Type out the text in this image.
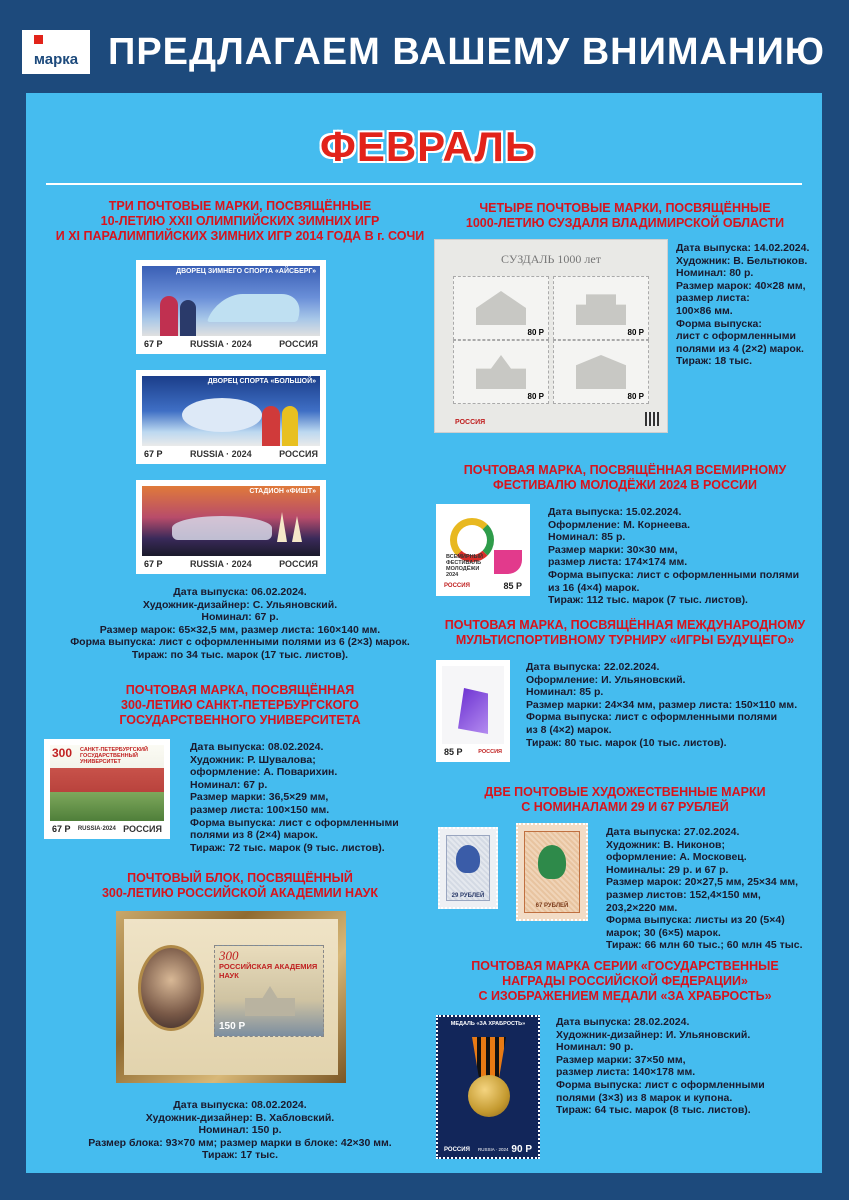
марка ПРЕДЛАГАЕМ ВАШЕМУ ВНИМАНИЮ
ФЕВРАЛЬ
ТРИ ПОЧТОВЫЕ МАРКИ, ПОСВЯЩЁННЫЕ
10-ЛЕТИЮ XXII ОЛИМПИЙСКИХ ЗИМНИХ ИГР
И XI ПАРАЛИМПИЙСКИХ ЗИМНИХ ИГР 2014 ГОДА В г. СОЧИ
ДВОРЕЦ ЗИМНЕГО СПОРТА «АЙСБЕРГ»
67 Р	RUSSIA · 2024	РОССИЯ
ДВОРЕЦ СПОРТА «БОЛЬШОЙ»
67 Р	RUSSIA · 2024	РОССИЯ
СТАДИОН «ФИШТ»
67 Р	RUSSIA · 2024	РОССИЯ
Дата выпуска: 06.02.2024.
Художник-дизайнер: С. Ульяновский.
Номинал: 67 р.
Размер марок: 65×32,5 мм, размер листа: 160×140 мм.
Форма выпуска: лист с оформленными полями из 6 (2×3) марок.
Тираж: по 34 тыс. марок (17 тыс. листов).
ПОЧТОВАЯ МАРКА, ПОСВЯЩЁННАЯ
300-ЛЕТИЮ САНКТ-ПЕТЕРБУРГСКОГО
ГОСУДАРСТВЕННОГО УНИВЕРСИТЕТА
300 САНКТ-ПЕТЕРБУРГСКИЙ ГОСУДАРСТВЕННЫЙ УНИВЕРСИТЕТ
67 Р RUSSIA·2024 РОССИЯ
Дата выпуска: 08.02.2024.
Художник: Р. Шувалова;
оформление: А. Поварихин.
Номинал: 67 р.
Размер марки: 36,5×29 мм,
размер листа: 100×150 мм.
Форма выпуска: лист с оформленными
полями из 8 (2×4) марок.
Тираж: 72 тыс. марок (9 тыс. листов).
ПОЧТОВЫЙ БЛОК, ПОСВЯЩЁННЫЙ
300-ЛЕТИЮ РОССИЙСКОЙ АКАДЕМИИ НАУК
300
РОССИЙСКАЯ АКАДЕМИЯ НАУК
150 Р
Дата выпуска: 08.02.2024.
Художник-дизайнер: В. Хабловский.
Номинал: 150 р.
Размер блока: 93×70 мм; размер марки в блоке: 42×30 мм.
Тираж: 17 тыс.
ЧЕТЫРЕ ПОЧТОВЫЕ МАРКИ, ПОСВЯЩЁННЫЕ
1000-ЛЕТИЮ СУЗДАЛЯ ВЛАДИМИРСКОЙ ОБЛАСТИ
СУЗДАЛЬ 1000 лет
80 Р	80 Р
80 Р	80 Р
РОССИЯ
Дата выпуска: 14.02.2024.
Художник: В. Бельтюков.
Номинал: 80 р.
Размер марок: 40×28 мм,
размер листа:
100×86 мм.
Форма выпуска:
лист с оформленными
полями из 4 (2×2) марок.
Тираж: 18 тыс.
ПОЧТОВАЯ МАРКА, ПОСВЯЩЁННАЯ ВСЕМИРНОМУ
ФЕСТИВАЛЮ МОЛОДЁЖИ 2024 В РОССИИ
ВСЕМИРНЫЙ ФЕСТИВАЛЬ МОЛОДЁЖИ 2024
РОССИЯ	85 Р
Дата выпуска: 15.02.2024.
Оформление: М. Корнеева.
Номинал: 85 р.
Размер марки: 30×30 мм,
размер листа: 174×174 мм.
Форма выпуска: лист с оформленными полями
из 16 (4×4) марок.
Тираж: 112 тыс. марок (7 тыс. листов).
ПОЧТОВАЯ МАРКА, ПОСВЯЩЁННАЯ МЕЖДУНАРОДНОМУ
МУЛЬТИСПОРТИВНОМУ ТУРНИРУ «ИГРЫ БУДУЩЕГО»
85 Р	РОССИЯ
Дата выпуска: 22.02.2024.
Оформление: И. Ульяновский.
Номинал: 85 р.
Размер марки: 24×34 мм, размер листа: 150×110 мм.
Форма выпуска: лист с оформленными полями
из 8 (4×2) марок.
Тираж: 80 тыс. марок (10 тыс. листов).
ДВЕ ПОЧТОВЫЕ ХУДОЖЕСТВЕННЫЕ МАРКИ
С НОМИНАЛАМИ 29 И 67 РУБЛЕЙ
29 РУБЛЕЙ
67 РУБЛЕЙ
Дата выпуска: 27.02.2024.
Художник: В. Никонов;
оформление: А. Московец.
Номиналы: 29 р. и 67 р.
Размер марок: 20×27,5 мм, 25×34 мм,
размер листов: 152,4×150 мм,
203,2×220 мм.
Форма выпуска: листы из 20 (5×4)
марок; 30 (6×5) марок.
Тираж: 66 млн 60 тыс.; 60 млн 45 тыс.
ПОЧТОВАЯ МАРКА СЕРИИ «ГОСУДАРСТВЕННЫЕ
НАГРАДЫ РОССИЙСКОЙ ФЕДЕРАЦИИ»
С ИЗОБРАЖЕНИЕМ МЕДАЛИ «ЗА ХРАБРОСТЬ»
МЕДАЛЬ «ЗА ХРАБРОСТЬ»
РОССИЯ RUSSIA · 2024 90 Р
Дата выпуска: 28.02.2024.
Художник-дизайнер: И. Ульяновский.
Номинал: 90 р.
Размер марки: 37×50 мм,
размер листа: 140×178 мм.
Форма выпуска: лист с оформленными
полями (3×3) из 8 марок и купона.
Тираж: 64 тыс. марок (8 тыс. листов).
